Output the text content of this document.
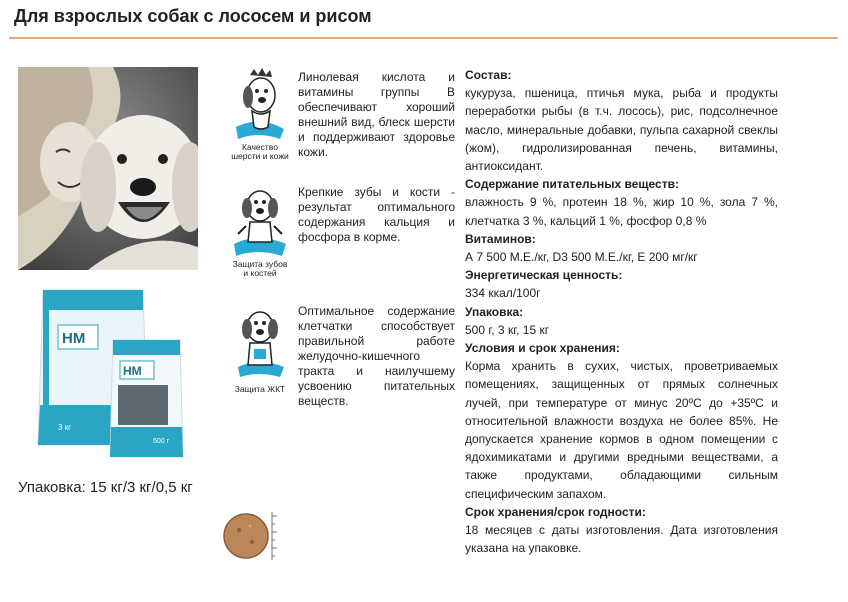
Для взрослых собак с лососем и рисом
HM
3 кг
HM
500 г
Упаковка: 15 кг/3 кг/0,5 кг
Качество
шерсти и кожи
Линолевая кислота и витамины группы В обеспечивают хороший внешний вид, блеск шерсти и поддерживают здоровье кожи.
Защита зубов
и костей
Крепкие зубы и кости - результат оптимального содержания кальция и фосфора в корме.
Защита ЖКТ
Оптимальное содержание клетчатки способствует правильной работе желудочно-кишечного тракта и наилучшему усвоению питательных веществ.
Состав:
кукуруза, пшеница, птичья мука, рыба и продукты переработки рыбы (в т.ч. лосось), рис, подсолнечное масло, минеральные добавки, пульпа сахарной свеклы (жом), гидролизированная печень, витамины, антиоксидант.
Содержание питательных веществ:
влажность 9 %, протеин 18 %, жир 10 %, зола 7 %, клетчатка 3 %, кальций 1 %, фосфор 0,8 %
Витаминов:
А 7 500 М.Е./кг, D3 500 М.Е./кг, E 200 мг/кг
Энергетическая ценность:
334 ккал/100г
Упаковка:
500 г, 3 кг, 15 кг
Условия и срок хранения:
Корма хранить в сухих, чистых, проветриваемых помещениях, защищенных от прямых солнечных лучей, при температуре от минус 20ºС до +35ºС и относительной влажности воздуха не более 85%. Не допускается хранение кормов в одном помещении с ядохимикатами и другими вредными веществами, а также продуктами, обладающими сильным специфическим запахом.
Срок хранения/срок годности:
18 месяцев с даты изготовления. Дата изготовления указана на упаковке.
